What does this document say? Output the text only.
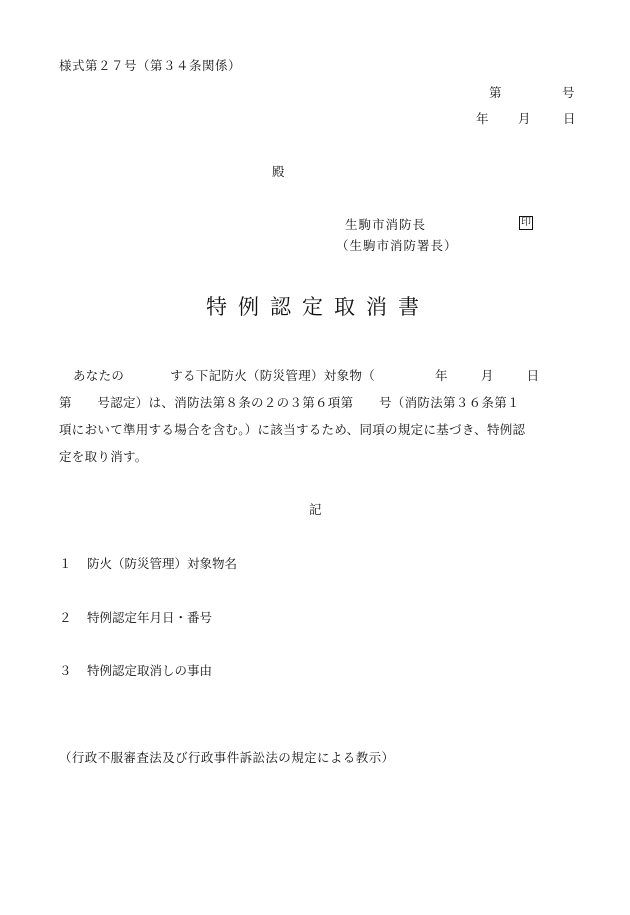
様式第２７号（第３４条関係）
第	号
年 月	日
殿
生駒市消防長	印
（生駒市消防署長）
特例認定取消書
あなたの	する下記防火（防災管理）対象物（	年	月	日
第　　号認定）は、消防法第８条の２の３第６項第　　号（消防法第３６条第１
項において準用する場合を含む。）に該当するため、同項の規定に基づき、特例認
定を取り消す。
記
１ 防火（防災管理）対象物名
２ 特例認定年月日・番号
３ 特例認定取消しの事由
（行政不服審査法及び行政事件訴訟法の規定による教示）
